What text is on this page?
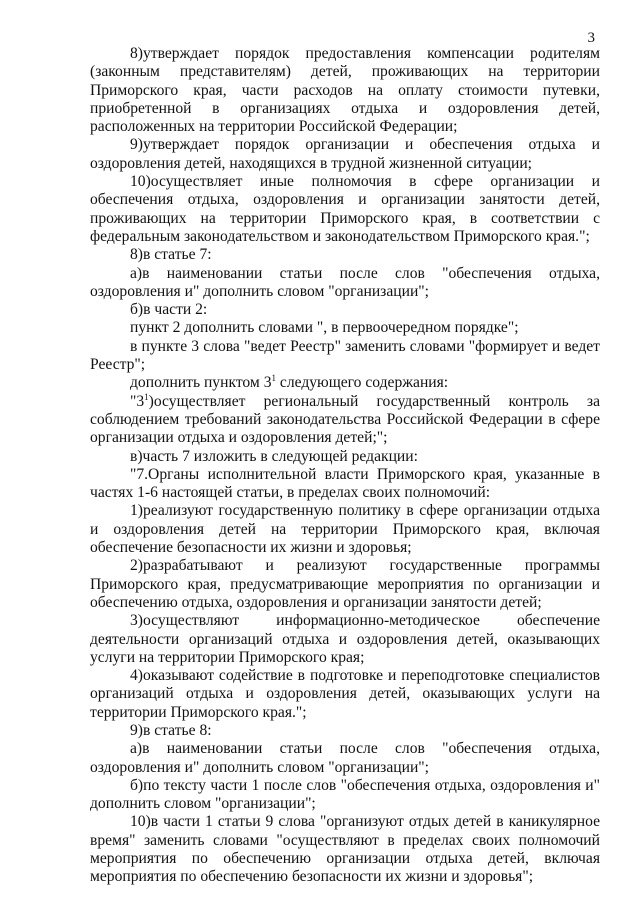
3

8)утверждает порядок предоставления компенсации родителям (законным представителям) детей, проживающих на территории Приморского края, части расходов на оплату стоимости путевки, приобретенной в организациях отдыха и оздоровления детей, расположенных на территории Российской Федерации;

9)утверждает порядок организации и обеспечения отдыха и оздоровления детей, находящихся в трудной жизненной ситуации;

10)осуществляет иные полномочия в сфере организации и обеспечения отдыха, оздоровления и организации занятости детей, проживающих на территории Приморского края, в соответствии с федеральным законодательством и законодательством Приморского края.";

8)в статье 7:

а)в наименовании статьи после слов "обеспечения отдыха, оздоровления и" дополнить словом "организации";

б)в части 2:

пункт 2 дополнить словами ", в первоочередном порядке";

в пункте 3 слова "ведет Реестр" заменить словами "формирует и ведет Реестр";

дополнить пунктом $3^1$ следующего содержания:

"$3^1)осуществляет$ региональный государственный контроль за соблюдением требований законодательства Российской Федерации в сфере организации отдыха и оздоровления детей;";

в)часть 7 изложить в следующей редакции:

"7.Органы исполнительной власти Приморского края, указанные в частях 1-6 настоящей статьи, в пределах своих полномочий:

1)реализуют государственную политику в сфере организации отдыха и оздоровления детей на территории Приморского края, включая обеспечение безопасности их жизни и здоровья;

2)разрабатывают и реализуют государственные программы Приморского края, предусматривающие мероприятия по организации и обеспечению отдыха, оздоровления и организации занятости детей;

3)осуществляют информационно-методическое обеспечение деятельности организаций отдыха и оздоровления детей, оказывающих услуги на территории Приморского края;

4)оказывают содействие в подготовке и переподготовке специалистов организаций отдыха и оздоровления детей, оказывающих услуги на территории Приморского края.";

9)в статье 8:

а)в наименовании статьи после слов "обеспечения отдыха, оздоровления и" дополнить словом "организации";

б)по тексту части 1 после слов "обеспечения отдыха, оздоровления и" дополнить словом "организации";

10)в части 1 статьи 9 слова "организуют отдых детей в каникулярное время" заменить словами "осуществляют в пределах своих полномочий мероприятия по обеспечению организации отдыха детей, включая мероприятия по обеспечению безопасности их жизни и здоровья";
